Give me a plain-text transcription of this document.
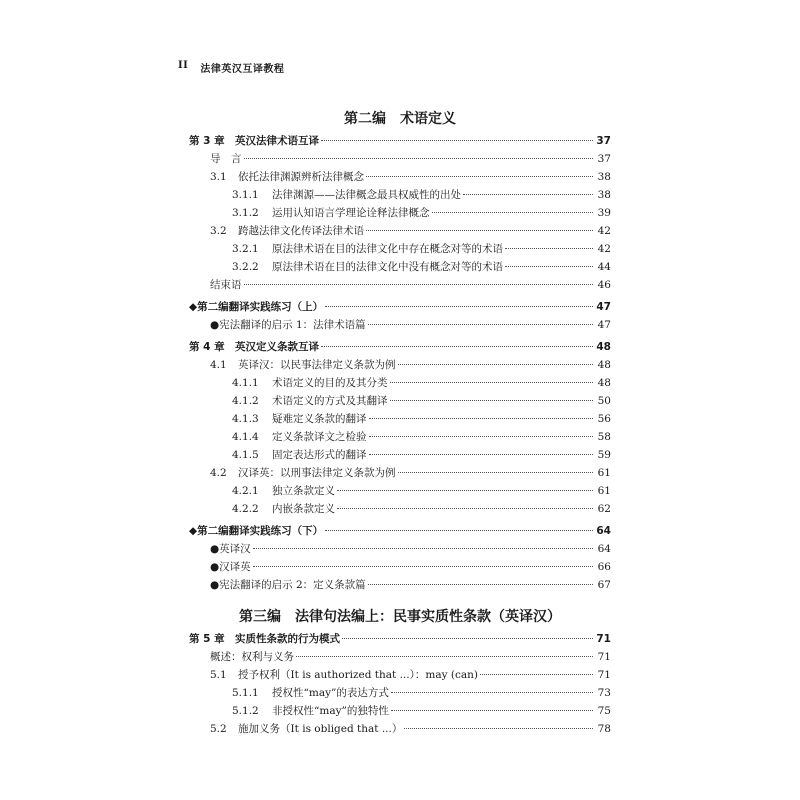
II 法律英汉互译教程
第二编　术语定义
第 3 章 英汉法律术语互译	37
导　言	37
3.1	依托法律渊源辨析法律概念	38
3.1.1	法律渊源——法律概念最具权威性的出处	38
3.1.2	运用认知语言学理论诠释法律概念	39
3.2	跨越法律文化传译法律术语	42
3.2.1	原法律术语在目的法律文化中存在概念对等的术语	42
3.2.2	原法律术语在目的法律文化中没有概念对等的术语	44
结束语	46
◆第二编翻译实践练习（上）	47
●宪法翻译的启示 1：法律术语篇	47
第 4 章 英汉定义条款互译	48
4.1	英译汉：以民事法律定义条款为例	48
4.1.1	术语定义的目的及其分类	48
4.1.2	术语定义的方式及其翻译	50
4.1.3	疑难定义条款的翻译	56
4.1.4	定义条款译文之检验	58
4.1.5	固定表达形式的翻译	59
4.2	汉译英：以刑事法律定义条款为例	61
4.2.1	独立条款定义	61
4.2.2	内嵌条款定义	62
◆第二编翻译实践练习（下）	64
●英译汉	64
●汉译英	66
●宪法翻译的启示 2：定义条款篇	67
第三编　法律句法编上：民事实质性条款（英译汉）
第 5 章 实质性条款的行为模式	71
概述：权利与义务	71
5.1	授予权利（It is authorized that ...）：may (can)	71
5.1.1	授权性“may”的表达方式	73
5.1.2	非授权性“may”的独特性	75
5.2	施加义务（It is obliged that ...）	78
